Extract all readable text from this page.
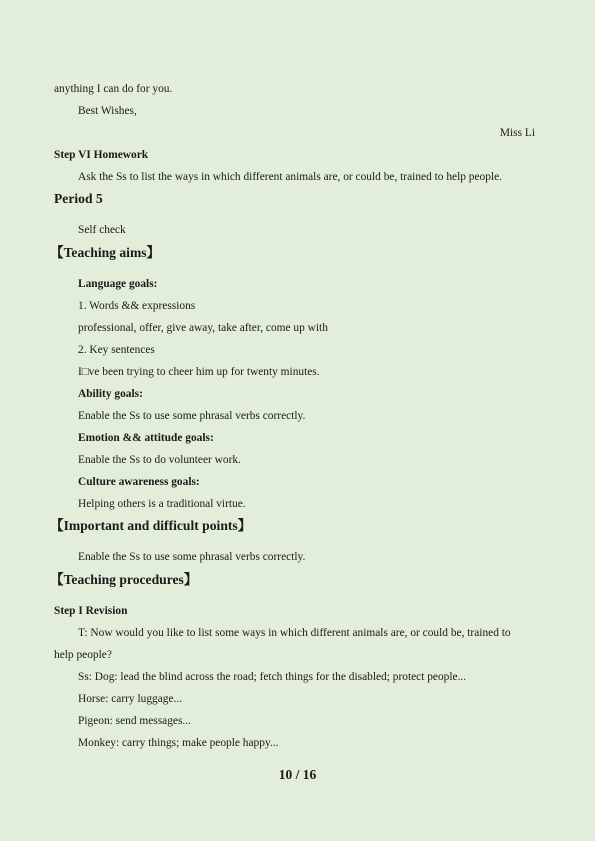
anything I can do for you.
Best Wishes,
Miss Li
Step VI Homework
Ask the Ss to list the ways in which different animals are, or could be, trained to help people.
Period 5
Self check
【Teaching aims】
Language goals:
1. Words && expressions
professional, offer, give away, take after, come up with
2. Key sentences
I□ve been trying to cheer him up for twenty minutes.
Ability goals:
Enable the Ss to use some phrasal verbs correctly.
Emotion && attitude goals:
Enable the Ss to do volunteer work.
Culture awareness goals:
Helping others is a traditional virtue.
【Important and difficult points】
Enable the Ss to use some phrasal verbs correctly.
【Teaching procedures】
Step I Revision
T: Now would you like to list some ways in which different animals are, or could be, trained to
help people?
Ss: Dog: lead the blind across the road; fetch things for the disabled; protect people...
Horse: carry luggage...
Pigeon: send messages...
Monkey: carry things; make people happy...
10 / 16
